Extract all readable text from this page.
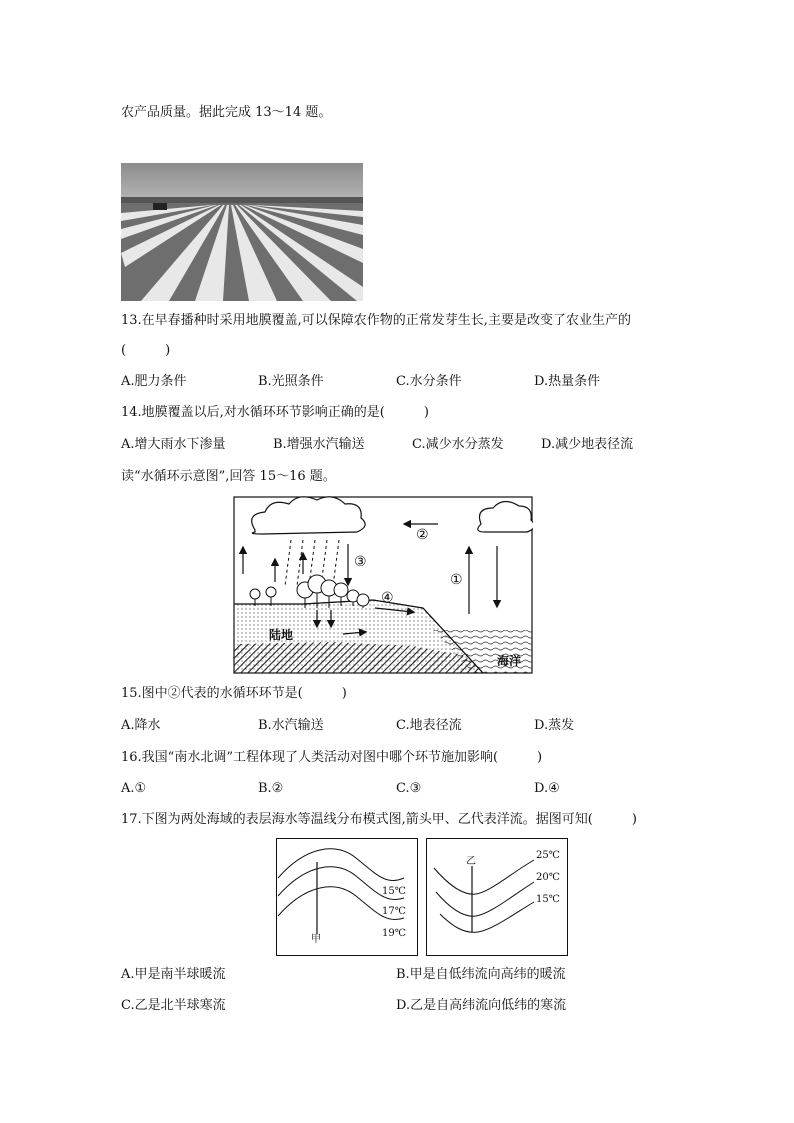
农产品质量。据此完成 13～14 题。
13.在早春播种时采用地膜覆盖,可以保障农作物的正常发芽生长,主要是改变了农业生产的
(　　　)
A.肥力条件	B.光照条件	C.水分条件	D.热量条件
14.地膜覆盖以后,对水循环环节影响正确的是(　　　)
A.增大雨水下渗量	B.增强水汽输送	C.减少水分蒸发	D.减少地表径流
读“水循环示意图”,回答 15～16 题。
海洋
陆地
①
②
③
④
15.图中②代表的水循环环节是(　　　)
A.降水	B.水汽输送	C.地表径流	D.蒸发
16.我国“南水北调”工程体现了人类活动对图中哪个环节施加影响(　　　)
A.①	B.②	C.③	D.④
17.下图为两处海域的表层海水等温线分布模式图,箭头甲、乙代表洋流。据图可知(　　　)
甲
15℃
17℃
19℃
乙
25℃
20℃
15℃
A.甲是南半球暖流	B.甲是自低纬流向高纬的暖流
C.乙是北半球寒流	D.乙是自高纬流向低纬的寒流
